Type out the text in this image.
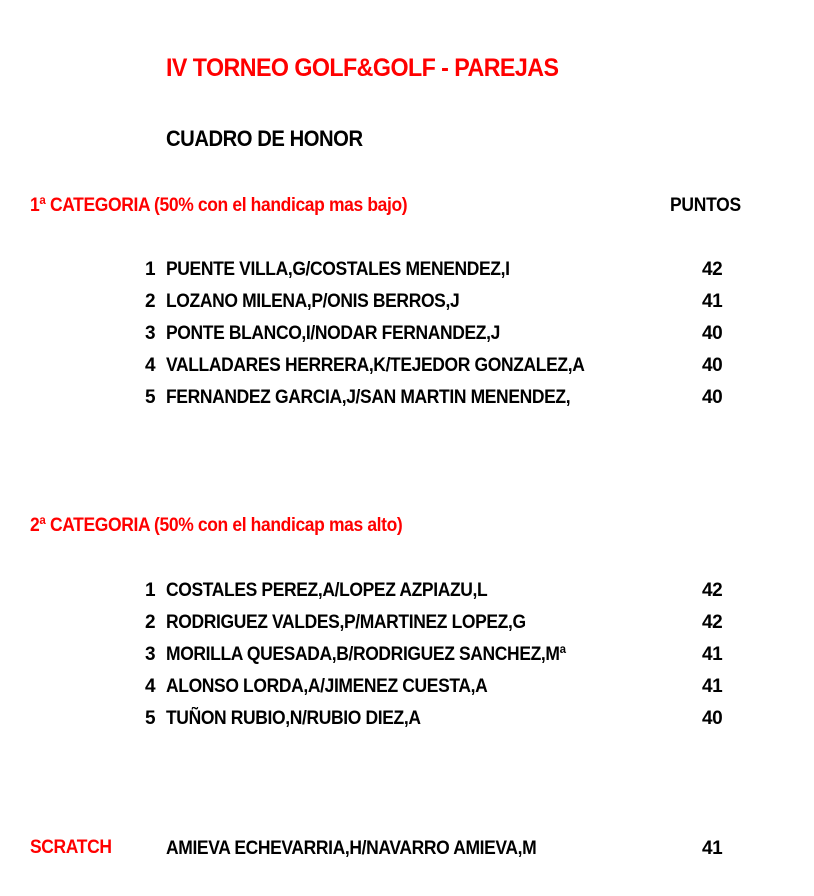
IV TORNEO GOLF&GOLF - PAREJAS
CUADRO DE HONOR
1ª CATEGORIA (50% con el handicap mas bajo)	PUNTOS
1 PUENTE VILLA,G/COSTALES MENENDEZ,I	42
2 LOZANO MILENA,P/ONIS BERROS,J	41
3 PONTE BLANCO,I/NODAR FERNANDEZ,J	40
4 VALLADARES HERRERA,K/TEJEDOR GONZALEZ,A	40
5 FERNANDEZ GARCIA,J/SAN MARTIN MENENDEZ,	40
2ª CATEGORIA (50% con el handicap mas alto)
1 COSTALES PEREZ,A/LOPEZ AZPIAZU,L	42
2 RODRIGUEZ VALDES,P/MARTINEZ LOPEZ,G	42
3 MORILLA QUESADA,B/RODRIGUEZ SANCHEZ,Mª	41
4 ALONSO LORDA,A/JIMENEZ CUESTA,A	41
5 TUÑON RUBIO,N/RUBIO DIEZ,A	40
SCRATCH	AMIEVA ECHEVARRIA,H/NAVARRO AMIEVA,M	41
